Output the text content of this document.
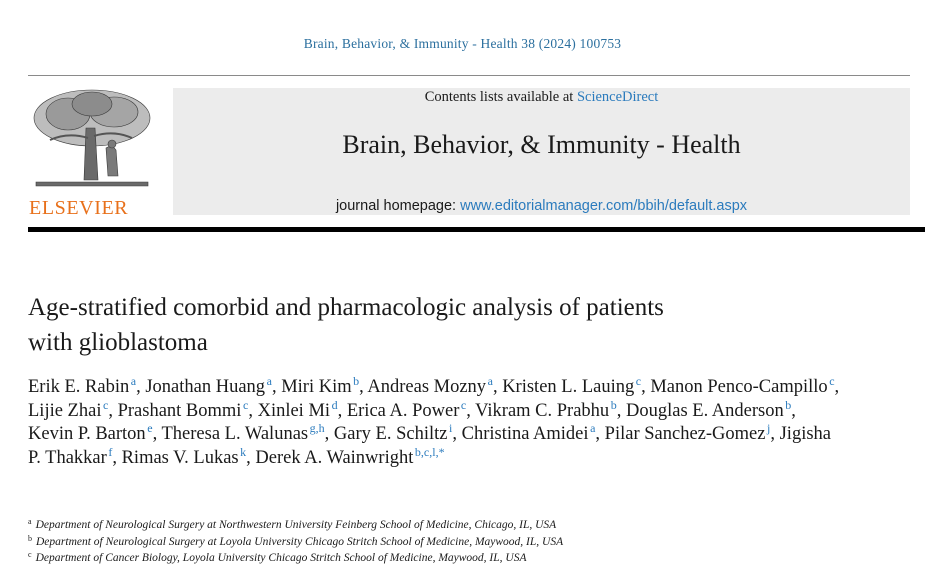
Brain, Behavior, & Immunity - Health 38 (2024) 100753
ELSEVIER
Contents lists available at ScienceDirect
Brain, Behavior, & Immunity - Health
journal homepage: www.editorialmanager.com/bbih/default.aspx
Age-stratified comorbid and pharmacologic analysis of patients
with glioblastoma
Erik E. Rabin  $^a$, Jonathan Huang  $^a$, Miri Kim  $^b$, Andreas Mozny  $^a$, Kristen L. Lauing  $^c$, Manon Penco-Campillo  $^c$, Lijie Zhai  $^c$, Prashant Bommi  $^c$, Xinlei Mi  $^d$, Erica A. Power  $^c$, Vikram C. Prabhu  $^b$, Douglas E. Anderson  $^b$, Kevin P. Barton  $^e$, Theresa L. Walunas  $^{g,h}$, Gary E. Schiltz  $^i$, Christina Amidei  $^a$, Pilar Sanchez-Gomez  $^j$, Jigisha P. Thakkar  $^f$, Rimas V. Lukas  $^k$, Derek A. Wainwright  $^{b,c,l,*}$
$^a$ Department of Neurological Surgery at Northwestern University Feinberg School of Medicine, Chicago, IL, USA
$^b$ Department of Neurological Surgery at Loyola University Chicago Stritch School of Medicine, Maywood, IL, USA
$^c$ Department of Cancer Biology, Loyola University Chicago Stritch School of Medicine, Maywood, IL, USA
